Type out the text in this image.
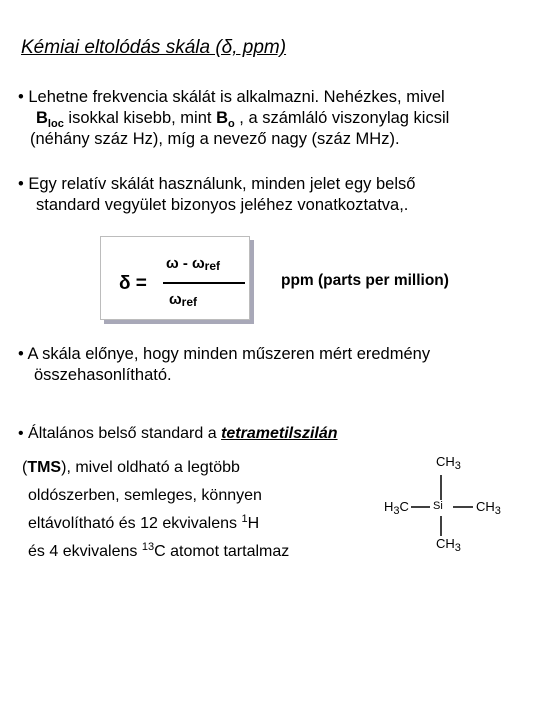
Kémiai eltolódás skála (δ, ppm)
• Lehetne frekvencia skálát is alkalmazni. Nehézkes, mivel
$B_{loc}$ isokkal kisebb, mint $B_o$ , a számláló viszonylag kicsil
(néhány száz Hz), míg a nevező nagy (száz MHz).
• Egy relatív skálát használunk, minden jelet egy belső
standard vegyület bizonyos jeléhez vonatkoztatva,.
δ =
ω - $\omega_{ref}$
$\omega_{ref}$
ppm (parts per million)
• A skála előnye, hogy minden műszeren mért eredmény
összehasonlítható.
• Általános belső standard a tetrametilszilán
(TMS), mivel oldható a legtöbb
oldószerben, semleges, könnyen
eltávolítható és 12 ekvivalens $^1$H
és 4 ekvivalens $^{13}$C atomot tartalmaz
$CH_3$
$H_3C$ Si	$CH_3$
$CH_3$
